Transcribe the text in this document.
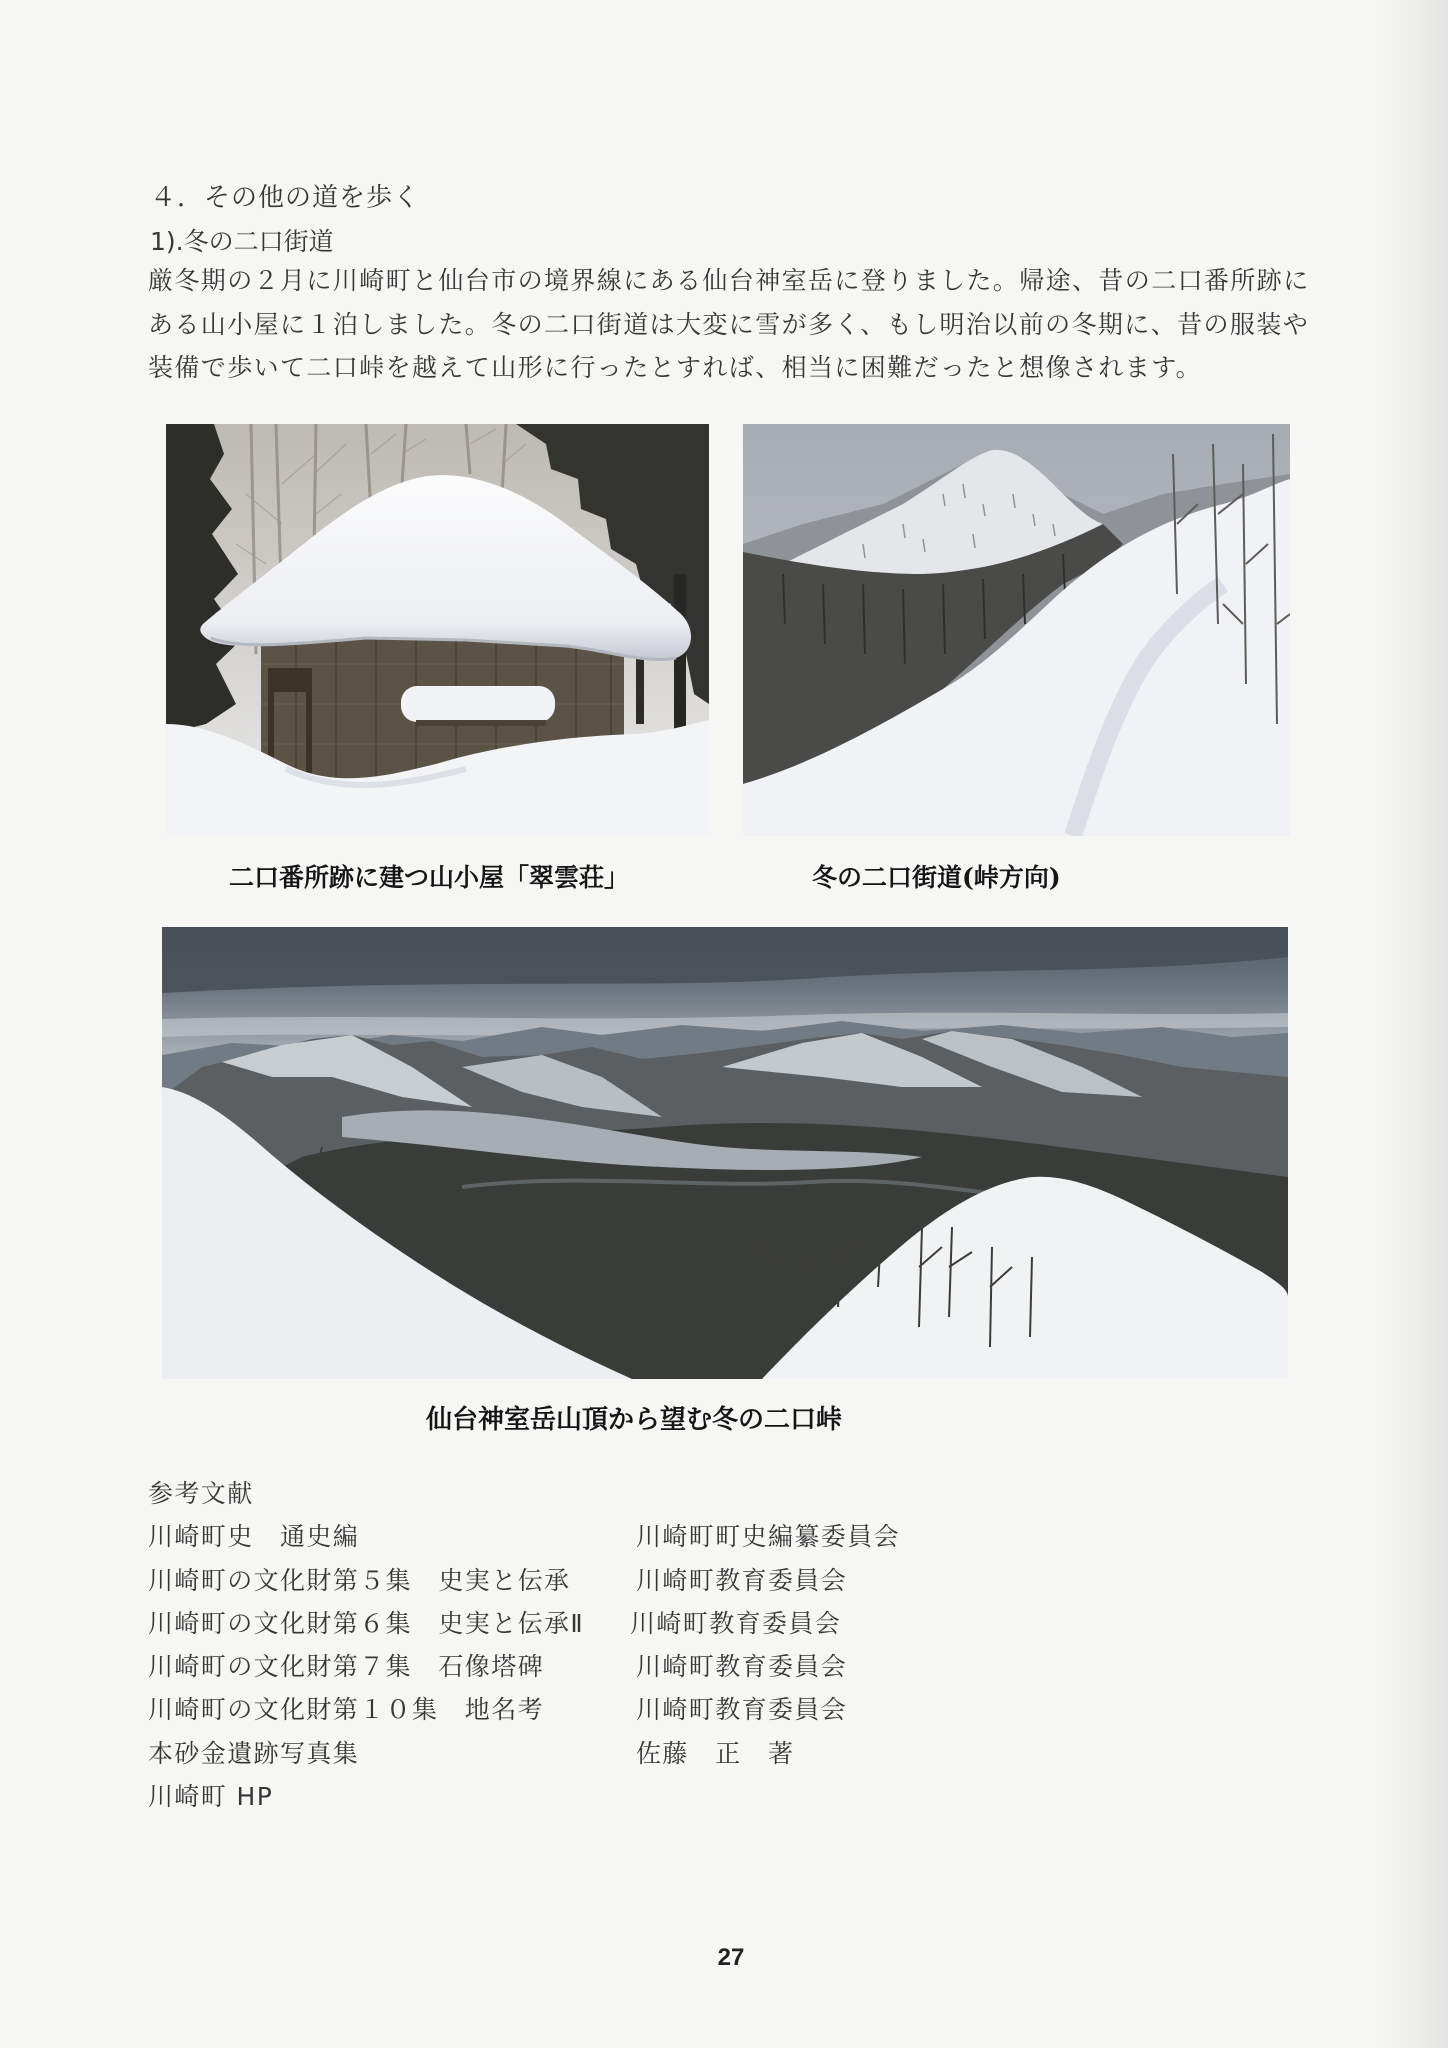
４．その他の道を歩く
1).冬の二口街道
厳冬期の２月に川崎町と仙台市の境界線にある仙台神室岳に登りました。帰途、昔の二口番所跡に
ある山小屋に１泊しました。冬の二口街道は大変に雪が多く、もし明治以前の冬期に、昔の服装や
装備で歩いて二口峠を越えて山形に行ったとすれば、相当に困難だったと想像されます。
二口番所跡に建つ山小屋「翠雲荘」	冬の二口街道(峠方向)
仙台神室岳山頂から望む冬の二口峠
参考文献
川崎町史　通史編	川崎町町史編纂委員会
川崎町の文化財第５集　史実と伝承	川崎町教育委員会
川崎町の文化財第６集　史実と伝承Ⅱ 川崎町教育委員会
川崎町の文化財第７集　石像塔碑	川崎町教育委員会
川崎町の文化財第１０集　地名考	川崎町教育委員会
本砂金遺跡写真集	佐藤　正　著
川崎町 HP
27
